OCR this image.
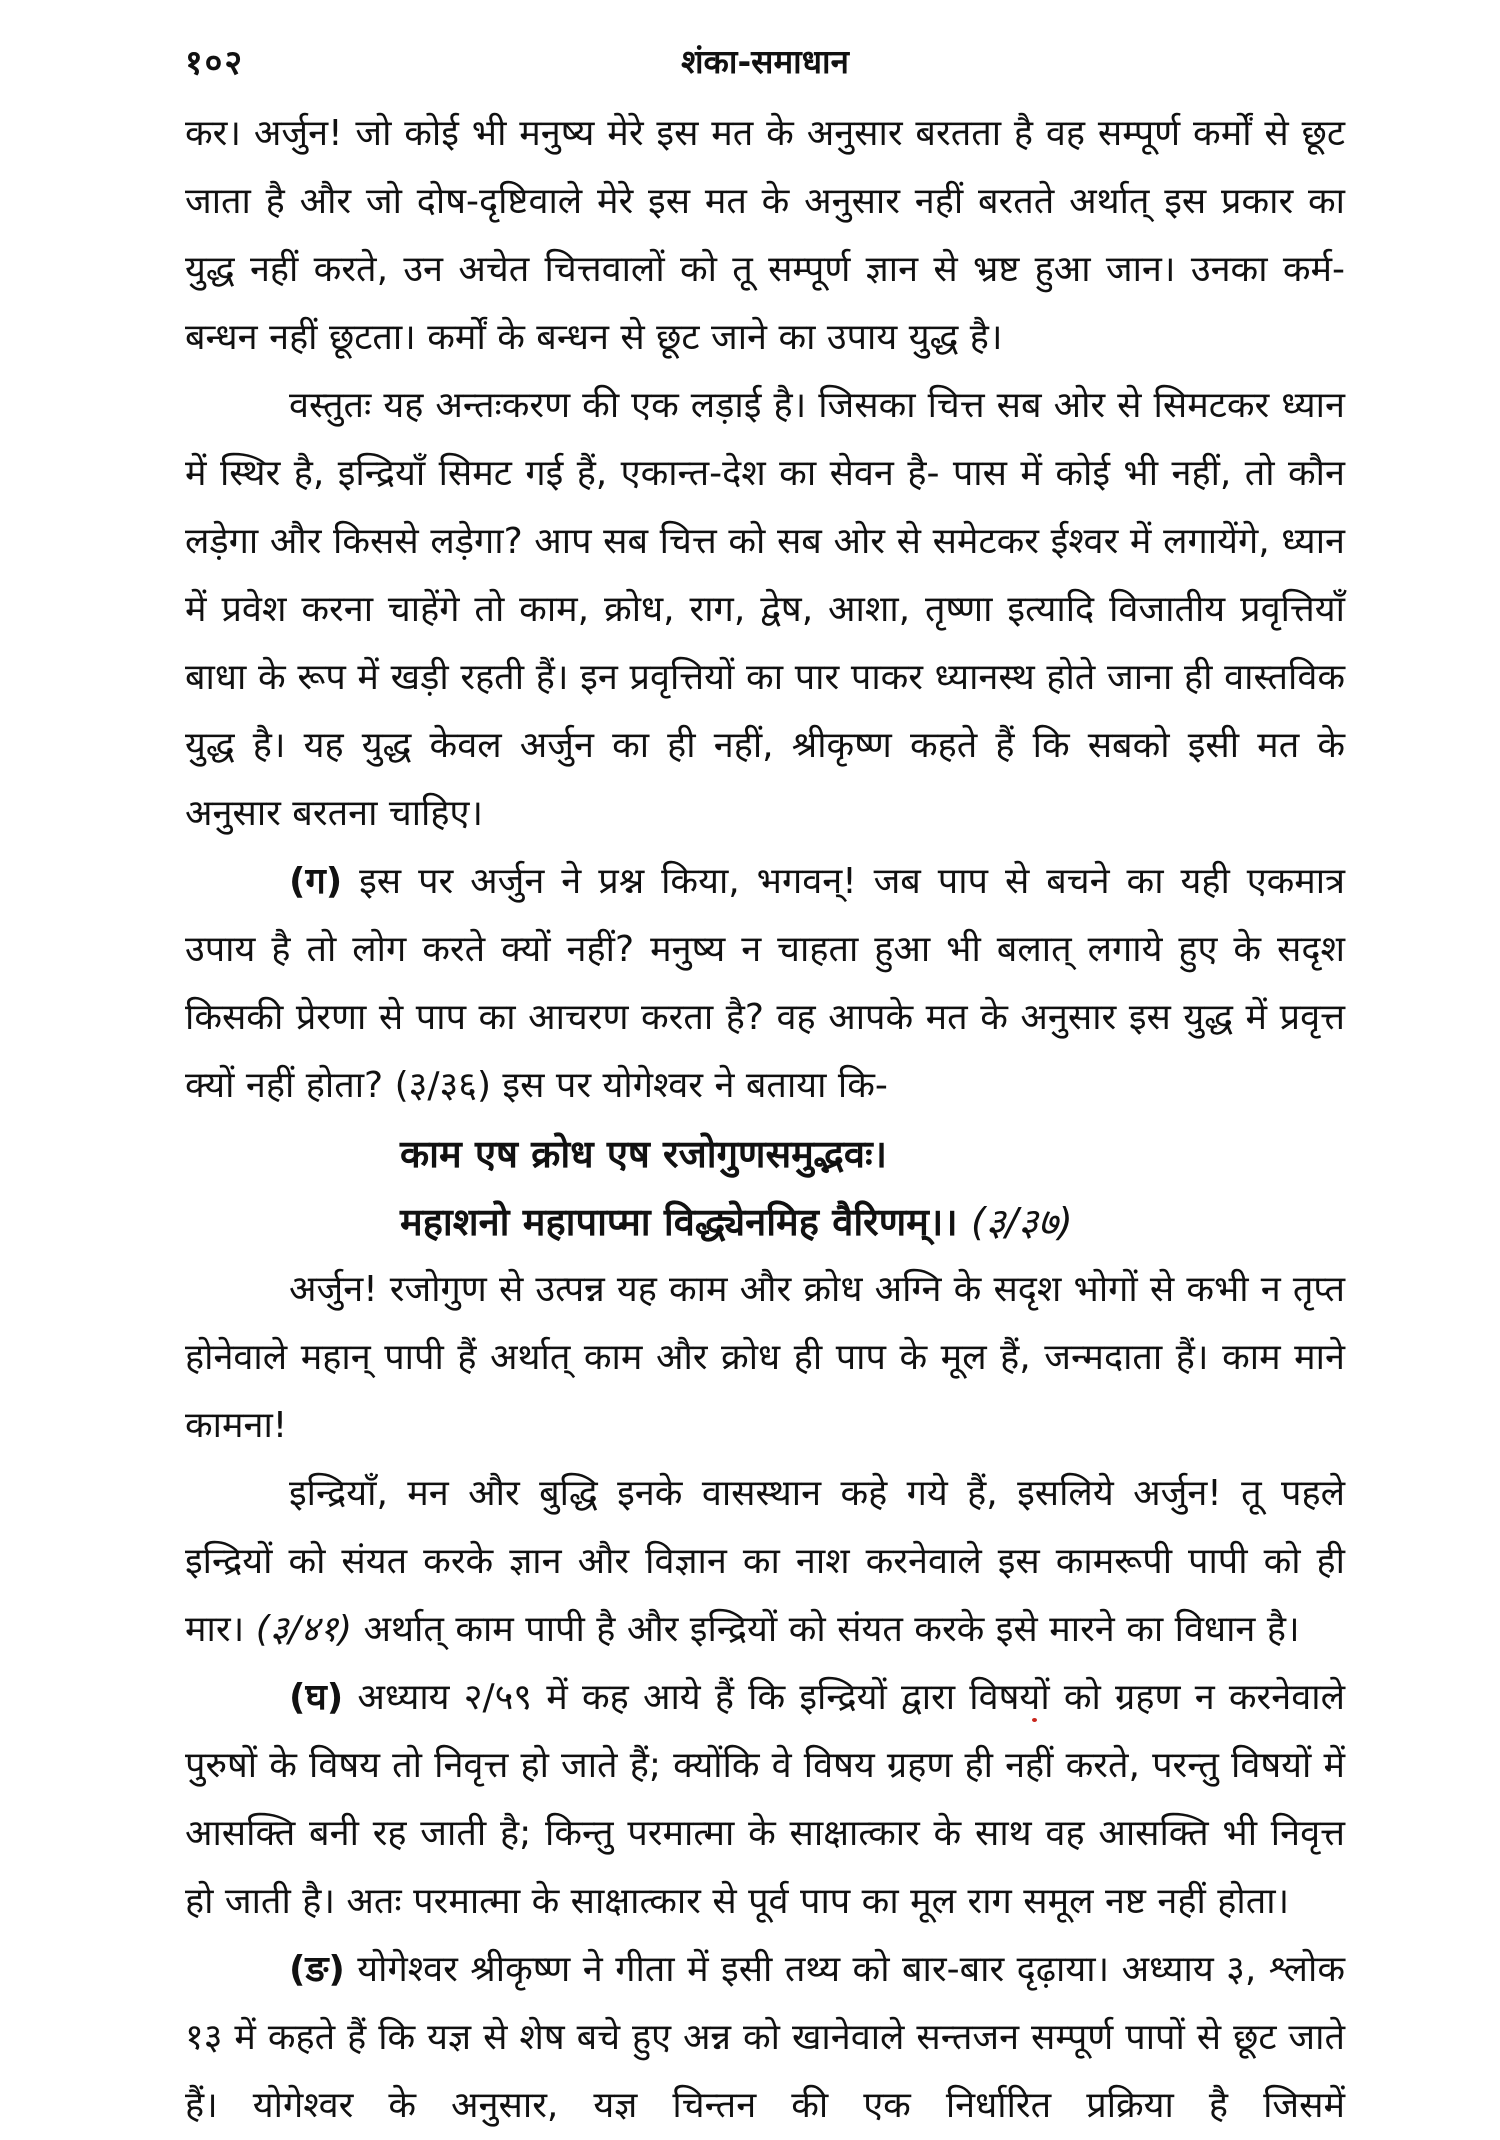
१०२	शंका-समाधान

कर। अर्जुन! जो कोई भी मनुष्य मेरे इस मत के अनुसार बरतता है वह सम्पूर्ण कर्मों से छूट जाता है और जो दोष-दृष्टिवाले मेरे इस मत के अनुसार नहीं बरतते अर्थात् इस प्रकार का युद्ध नहीं करते, उन अचेत चित्तवालों को तू सम्पूर्ण ज्ञान से भ्रष्ट हुआ जान। उनका कर्म-बन्धन नहीं छूटता। कर्मों के बन्धन से छूट जाने का उपाय युद्ध है।

वस्तुतः यह अन्तःकरण की एक लड़ाई है। जिसका चित्त सब ओर से सिमटकर ध्यान में स्थिर है, इन्द्रियाँ सिमट गई हैं, एकान्त-देश का सेवन है- पास में कोई भी नहीं, तो कौन लड़ेगा और किससे लड़ेगा? आप सब चित्त को सब ओर से समेटकर ईश्वर में लगायेंगे, ध्यान में प्रवेश करना चाहेंगे तो काम, क्रोध, राग, द्वेष, आशा, तृष्णा इत्यादि विजातीय प्रवृत्तियाँ बाधा के रूप में खड़ी रहती हैं। इन प्रवृत्तियों का पार पाकर ध्यानस्थ होते जाना ही वास्तविक युद्ध है। यह युद्ध केवल अर्जुन का ही नहीं, श्रीकृष्ण कहते हैं कि सबको इसी मत के अनुसार बरतना चाहिए।

(ग) इस पर अर्जुन ने प्रश्न किया, भगवन्! जब पाप से बचने का यही एकमात्र उपाय है तो लोग करते क्यों नहीं? मनुष्य न चाहता हुआ भी बलात् लगाये हुए के सदृश किसकी प्रेरणा से पाप का आचरण करता है? वह आपके मत के अनुसार इस युद्ध में प्रवृत्त क्यों नहीं होता? (३/३६) इस पर योगेश्वर ने बताया कि-

काम एष क्रोध एष रजोगुणसमुद्भवः।

महाशनो महापाप्मा विद्ध्येनमिह वैरिणम्।। (३/३७)

अर्जुन! रजोगुण से उत्पन्न यह काम और क्रोध अग्नि के सदृश भोगों से कभी न तृप्त होनेवाले महान् पापी हैं अर्थात् काम और क्रोध ही पाप के मूल हैं, जन्मदाता हैं। काम माने कामना!

इन्द्रियाँ, मन और बुद्धि इनके वासस्थान कहे गये हैं, इसलिये अर्जुन! तू पहले इन्द्रियों को संयत करके ज्ञान और विज्ञान का नाश करनेवाले इस कामरूपी पापी को ही मार। (३/४१) अर्थात् काम पापी है और इन्द्रियों को संयत करके इसे मारने का विधान है।

(घ) अध्याय २/५९ में कह आये हैं कि इन्द्रियों द्वारा विषयों को ग्रहण न करनेवाले पुरुषों के विषय तो निवृत्त हो जाते हैं; क्योंकि वे विषय ग्रहण ही नहीं करते, परन्तु विषयों में आसक्ति बनी रह जाती है; किन्तु परमात्मा के साक्षात्कार के साथ वह आसक्ति भी निवृत्त हो जाती है। अतः परमात्मा के साक्षात्कार से पूर्व पाप का मूल राग समूल नष्ट नहीं होता।

(ङ) योगेश्वर श्रीकृष्ण ने गीता में इसी तथ्य को बार-बार दृढ़ाया। अध्याय ३, श्लोक १३ में कहते हैं कि यज्ञ से शेष बचे हुए अन्न को खानेवाले सन्तजन सम्पूर्ण पापों से छूट जाते हैं। योगेश्वर के अनुसार, यज्ञ चिन्तन की एक निर्धारित प्रक्रिया है जिसमें
